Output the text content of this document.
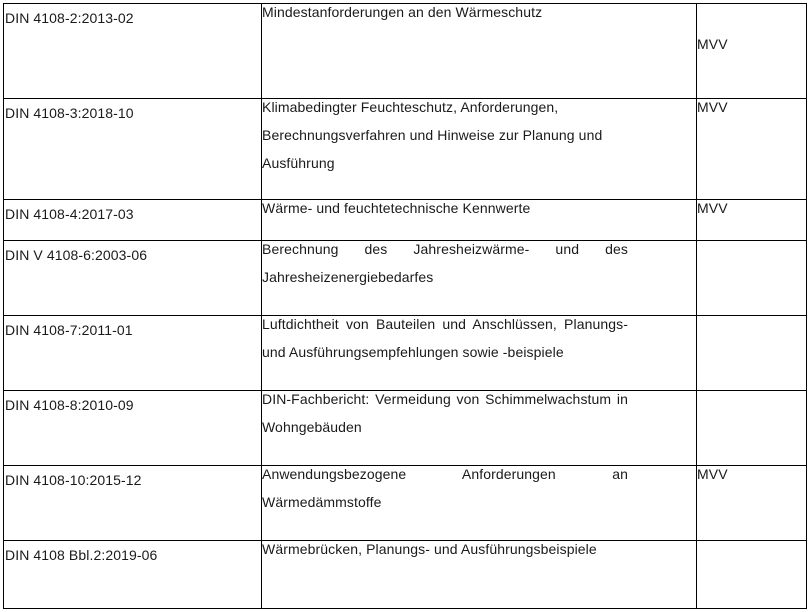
DIN 4108-2:2013-02	Mindestanforderungen an den Wärmeschutz	MVV

DIN 4108-3:2018-10	Klimabedingter Feuchteschutz, Anforderungen, Berechnungsverfahren und Hinweise zur Planung und Ausführung	MVV

DIN 4108-4:2017-03	Wärme- und feuchtetechnische Kennwerte	MVV

DIN V 4108-6:2003-06	Berechnung des Jahresheizwärme- und des Jahresheizenergiebedarfes	

DIN 4108-7:2011-01	Luftdichtheit von Bauteilen und Anschlüssen, Planungs- und Ausführungsempfehlungen sowie -beispiele	

DIN 4108-8:2010-09	DIN-Fachbericht: Vermeidung von Schimmelwachstum in Wohngebäuden	

DIN 4108-10:2015-12	Anwendungsbezogene Anforderungen an Wärmedämmstoffe	MVV

DIN 4108 Bbl.2:2019-06	Wärmebrücken, Planungs- und Ausführungsbeispiele	
